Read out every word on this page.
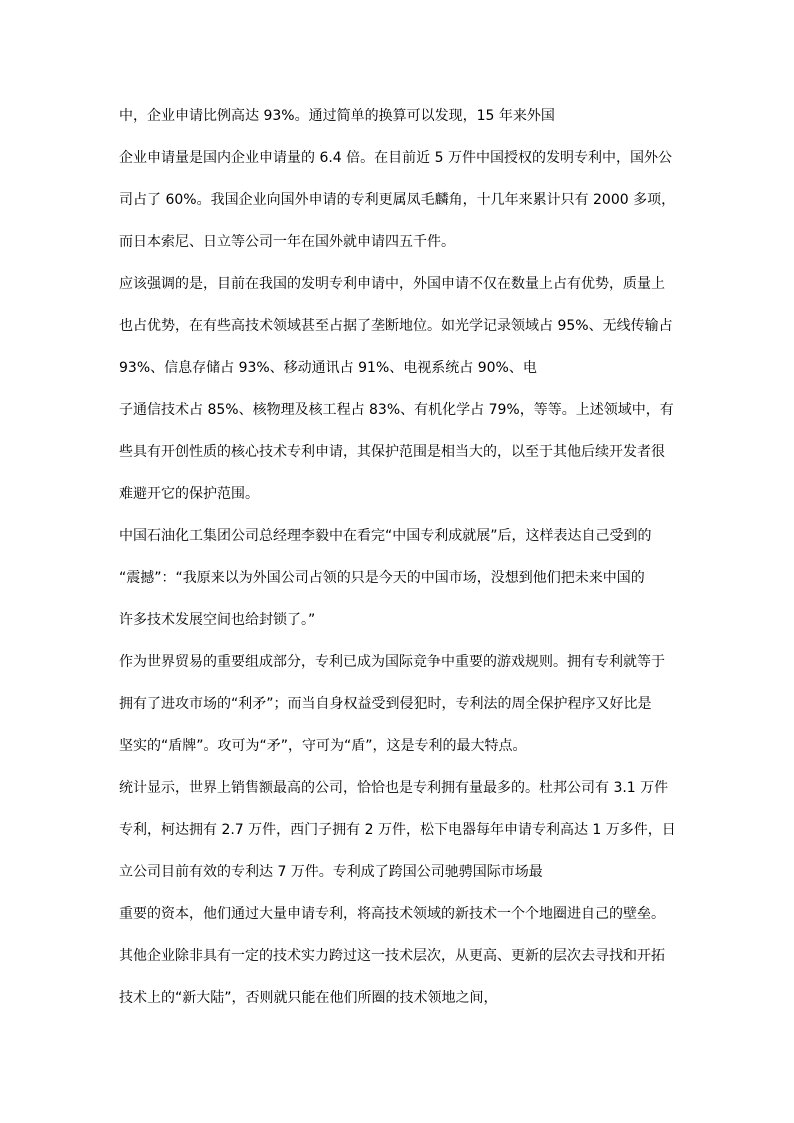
中，企业申请比例高达 93%。通过简单的换算可以发现，15 年来外国
企业申请量是国内企业申请量的 6.4 倍。在目前近 5 万件中国授权的发明专利中，国外公
司占了 60%。我国企业向国外申请的专利更属凤毛麟角，十几年来累计只有 2000 多项，
而日本索尼、日立等公司一年在国外就申请四五千件。
应该强调的是，目前在我国的发明专利申请中，外国申请不仅在数量上占有优势，质量上
也占优势，在有些高技术领域甚至占据了垄断地位。如光学记录领域占 95%、无线传输占
93%、信息存储占 93%、移动通讯占 91%、电视系统占 90%、电
子通信技术占 85%、核物理及核工程占 83%、有机化学占 79%，等等。上述领域中，有
些具有开创性质的核心技术专利申请，其保护范围是相当大的，以至于其他后续开发者很
难避开它的保护范围。
中国石油化工集团公司总经理李毅中在看完“中国专利成就展”后，这样表达自己受到的
“震撼”：“我原来以为外国公司占领的只是今天的中国市场，没想到他们把未来中国的
许多技术发展空间也给封锁了。”
作为世界贸易的重要组成部分，专利已成为国际竞争中重要的游戏规则。拥有专利就等于
拥有了进攻市场的“利矛”；而当自身权益受到侵犯时，专利法的周全保护程序又好比是
坚实的“盾牌”。攻可为“矛”，守可为“盾”，这是专利的最大特点。
统计显示，世界上销售额最高的公司，恰恰也是专利拥有量最多的。杜邦公司有 3.1 万件
专利，柯达拥有 2.7 万件，西门子拥有 2 万件，松下电器每年申请专利高达 1 万多件，日
立公司目前有效的专利达 7 万件。专利成了跨国公司驰骋国际市场最
重要的资本，他们通过大量申请专利，将高技术领域的新技术一个个地圈进自己的壁垒。
其他企业除非具有一定的技术实力跨过这一技术层次，从更高、更新的层次去寻找和开拓
技术上的“新大陆”，否则就只能在他们所圈的技术领地之间，
